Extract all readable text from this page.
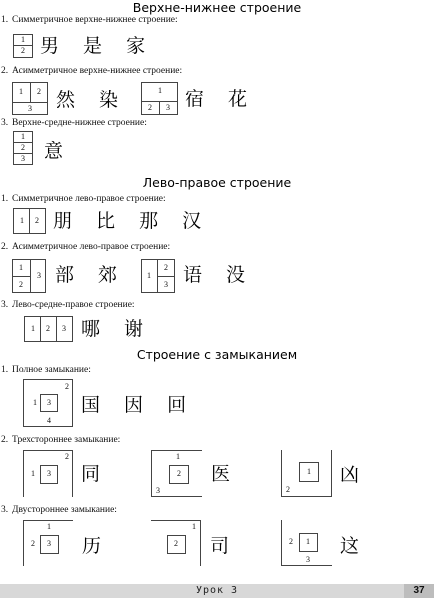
Верхне-нижнее строение
1. Симметричное верхне-нижнее строение:
1
2 男 是 家
2. Асимметричное верхне-нижнее строение:
1 2
3 然 染	1
2 3 宿 花
3. Верхне-средне-нижнее строение:
1
2
3 意
Лево-правое строение
1. Симметричное лево-правое строение:
1 2 朋 比 那 汉
2. Асимметричное лево-правое строение:
1
2
3 部 郊	1
2
3 语 没
3. Лево-средне-правое строение:
1 2 3 哪 谢
Строение с замыканием
1. Полное замыкание:
1
2
3
4
国 因 回
2. Трехстороннее замыкание:
1
2
3 同
1
2
3
医	1
2
凶
3. Двустороннее замыкание:
1
2 3 历
1
2 司	2 1
3
这
Урок 3	37
